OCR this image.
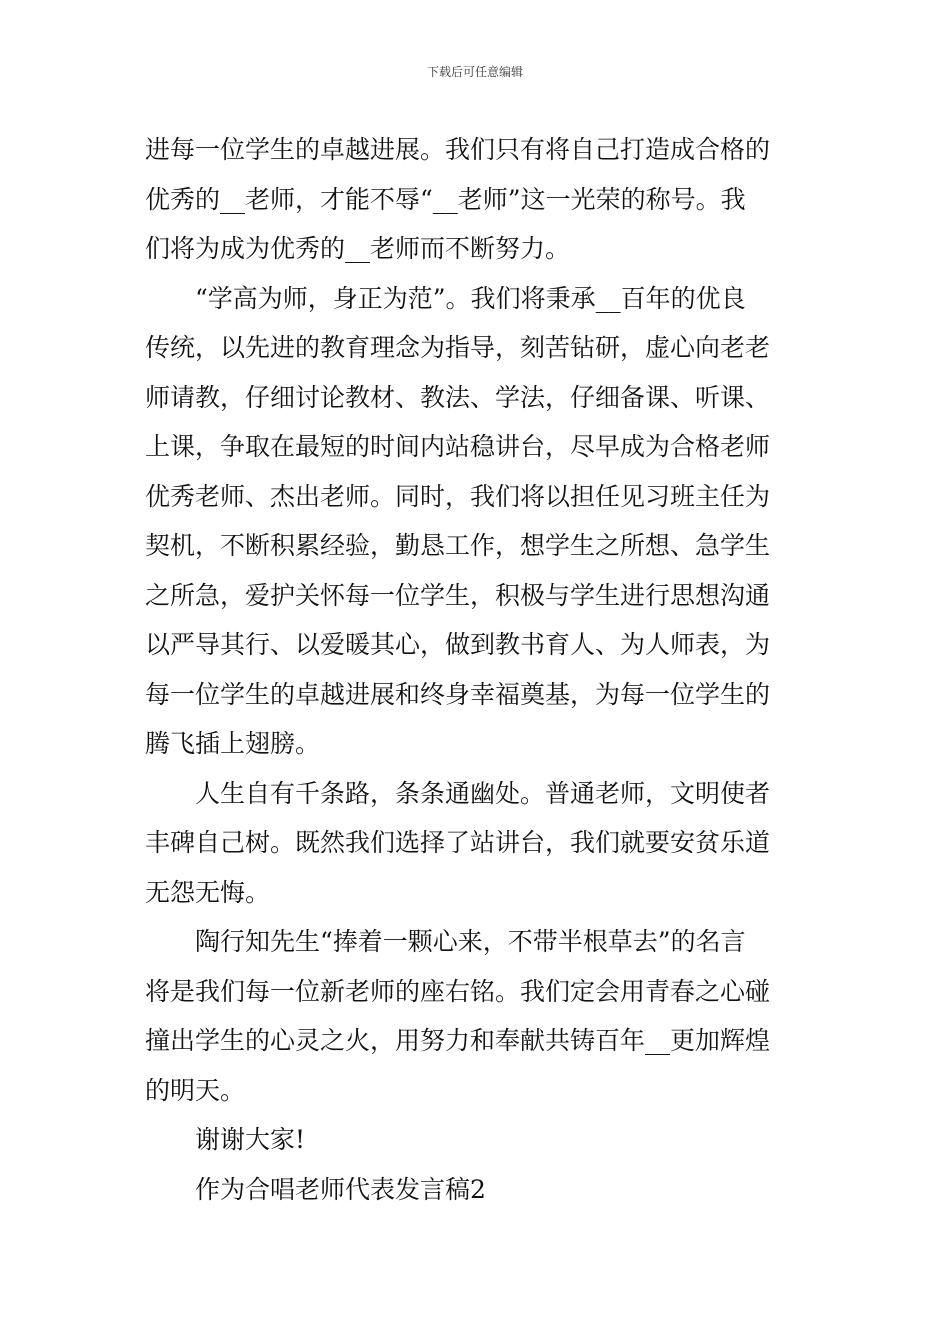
下载后可任意编辑
进每一位学生的卓越进展。我们只有将自己打造成合格的
优秀的__老师，才能不辱“__老师”这一光荣的称号。我
们将为成为优秀的__老师而不断努力。
“学高为师，身正为范”。我们将秉承__百年的优良
传统，以先进的教育理念为指导，刻苦钻研，虚心向老老
师请教，仔细讨论教材、教法、学法，仔细备课、听课、
上课，争取在最短的时间内站稳讲台，尽早成为合格老师
优秀老师、杰出老师。同时，我们将以担任见习班主任为
契机，不断积累经验，勤恳工作，想学生之所想、急学生
之所急，爱护关怀每一位学生，积极与学生进行思想沟通
以严导其行、以爱暖其心，做到教书育人、为人师表，为
每一位学生的卓越进展和终身幸福奠基，为每一位学生的
腾飞插上翅膀。
人生自有千条路，条条通幽处。普通老师，文明使者
丰碑自己树。既然我们选择了站讲台，我们就要安贫乐道
无怨无悔。
陶行知先生“捧着一颗心来，不带半根草去”的名言
将是我们每一位新老师的座右铭。我们定会用青春之心碰
撞出学生的心灵之火，用努力和奉献共铸百年__更加辉煌
的明天。
谢谢大家!
作为合唱老师代表发言稿2
